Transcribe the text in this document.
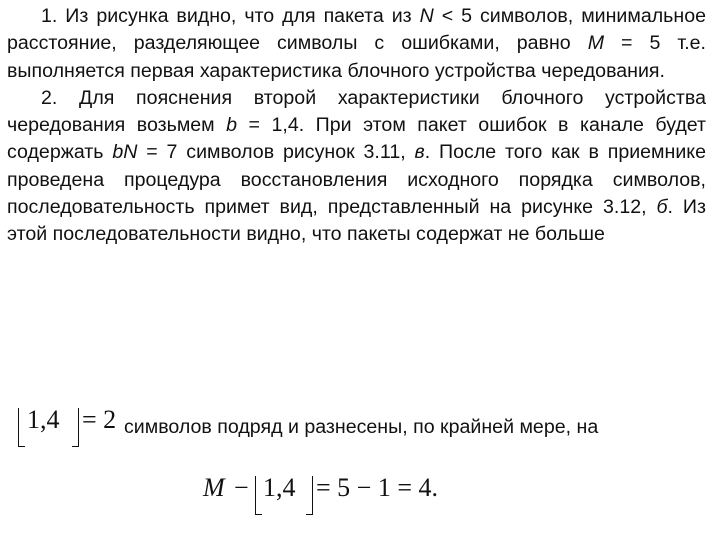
1. Из рисунка видно, что для пакета из N < 5 символов, минимальное расстояние, разделяющее символы с ошибками, равно M = 5 т.е. выполняется первая характеристика блочного устройства чередования.

2. Для пояснения второй характеристики блочного устройства чередования возьмем b = 1,4. При этом пакет ошибок в канале будет содержать bN = 7 символов рисунок 3.11, в. После того как в приемнике проведена процедура восстановления исходного порядка символов, последовательность примет вид, представленный на рисунке 3.12, б. Из этой последовательности видно, что пакеты содержат не больше

1,4 = 2 символов подряд и разнесены, по крайней мере, на
M − 1,4 = 5 − 1 = 4.
